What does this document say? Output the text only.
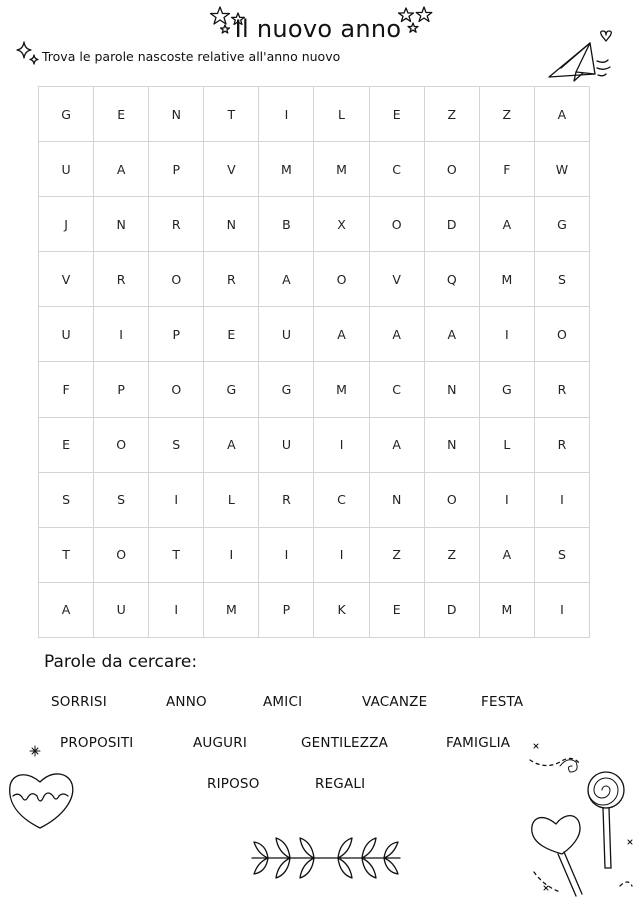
Il nuovo anno
Trova le parole nascoste relative all'anno nuovo
G	E	N	T	I	L	E	Z	Z	A
U	A	P	V	M	M	C	O	F	W
J	N	R	N	B	X	O	D	A	G
V	R	O	R	A	O	V	Q	M	S
U	I	P	E	U	A	A	A	I	O
F	P	O	G	G	M	C	N	G	R
E	O	S	A	U	I	A	N	L	R
S	S	I	L	R	C	N	O	I	I
T	O	T	I	I	I	Z	Z	A	S
A	U	I	M	P	K	E	D	M	I
Parole da cercare:
SORRISI	ANNO	AMICI	VACANZE	FESTA
PROPOSITI	AUGURI	GENTILEZZA	FAMIGLIA
RIPOSO	REGALI
